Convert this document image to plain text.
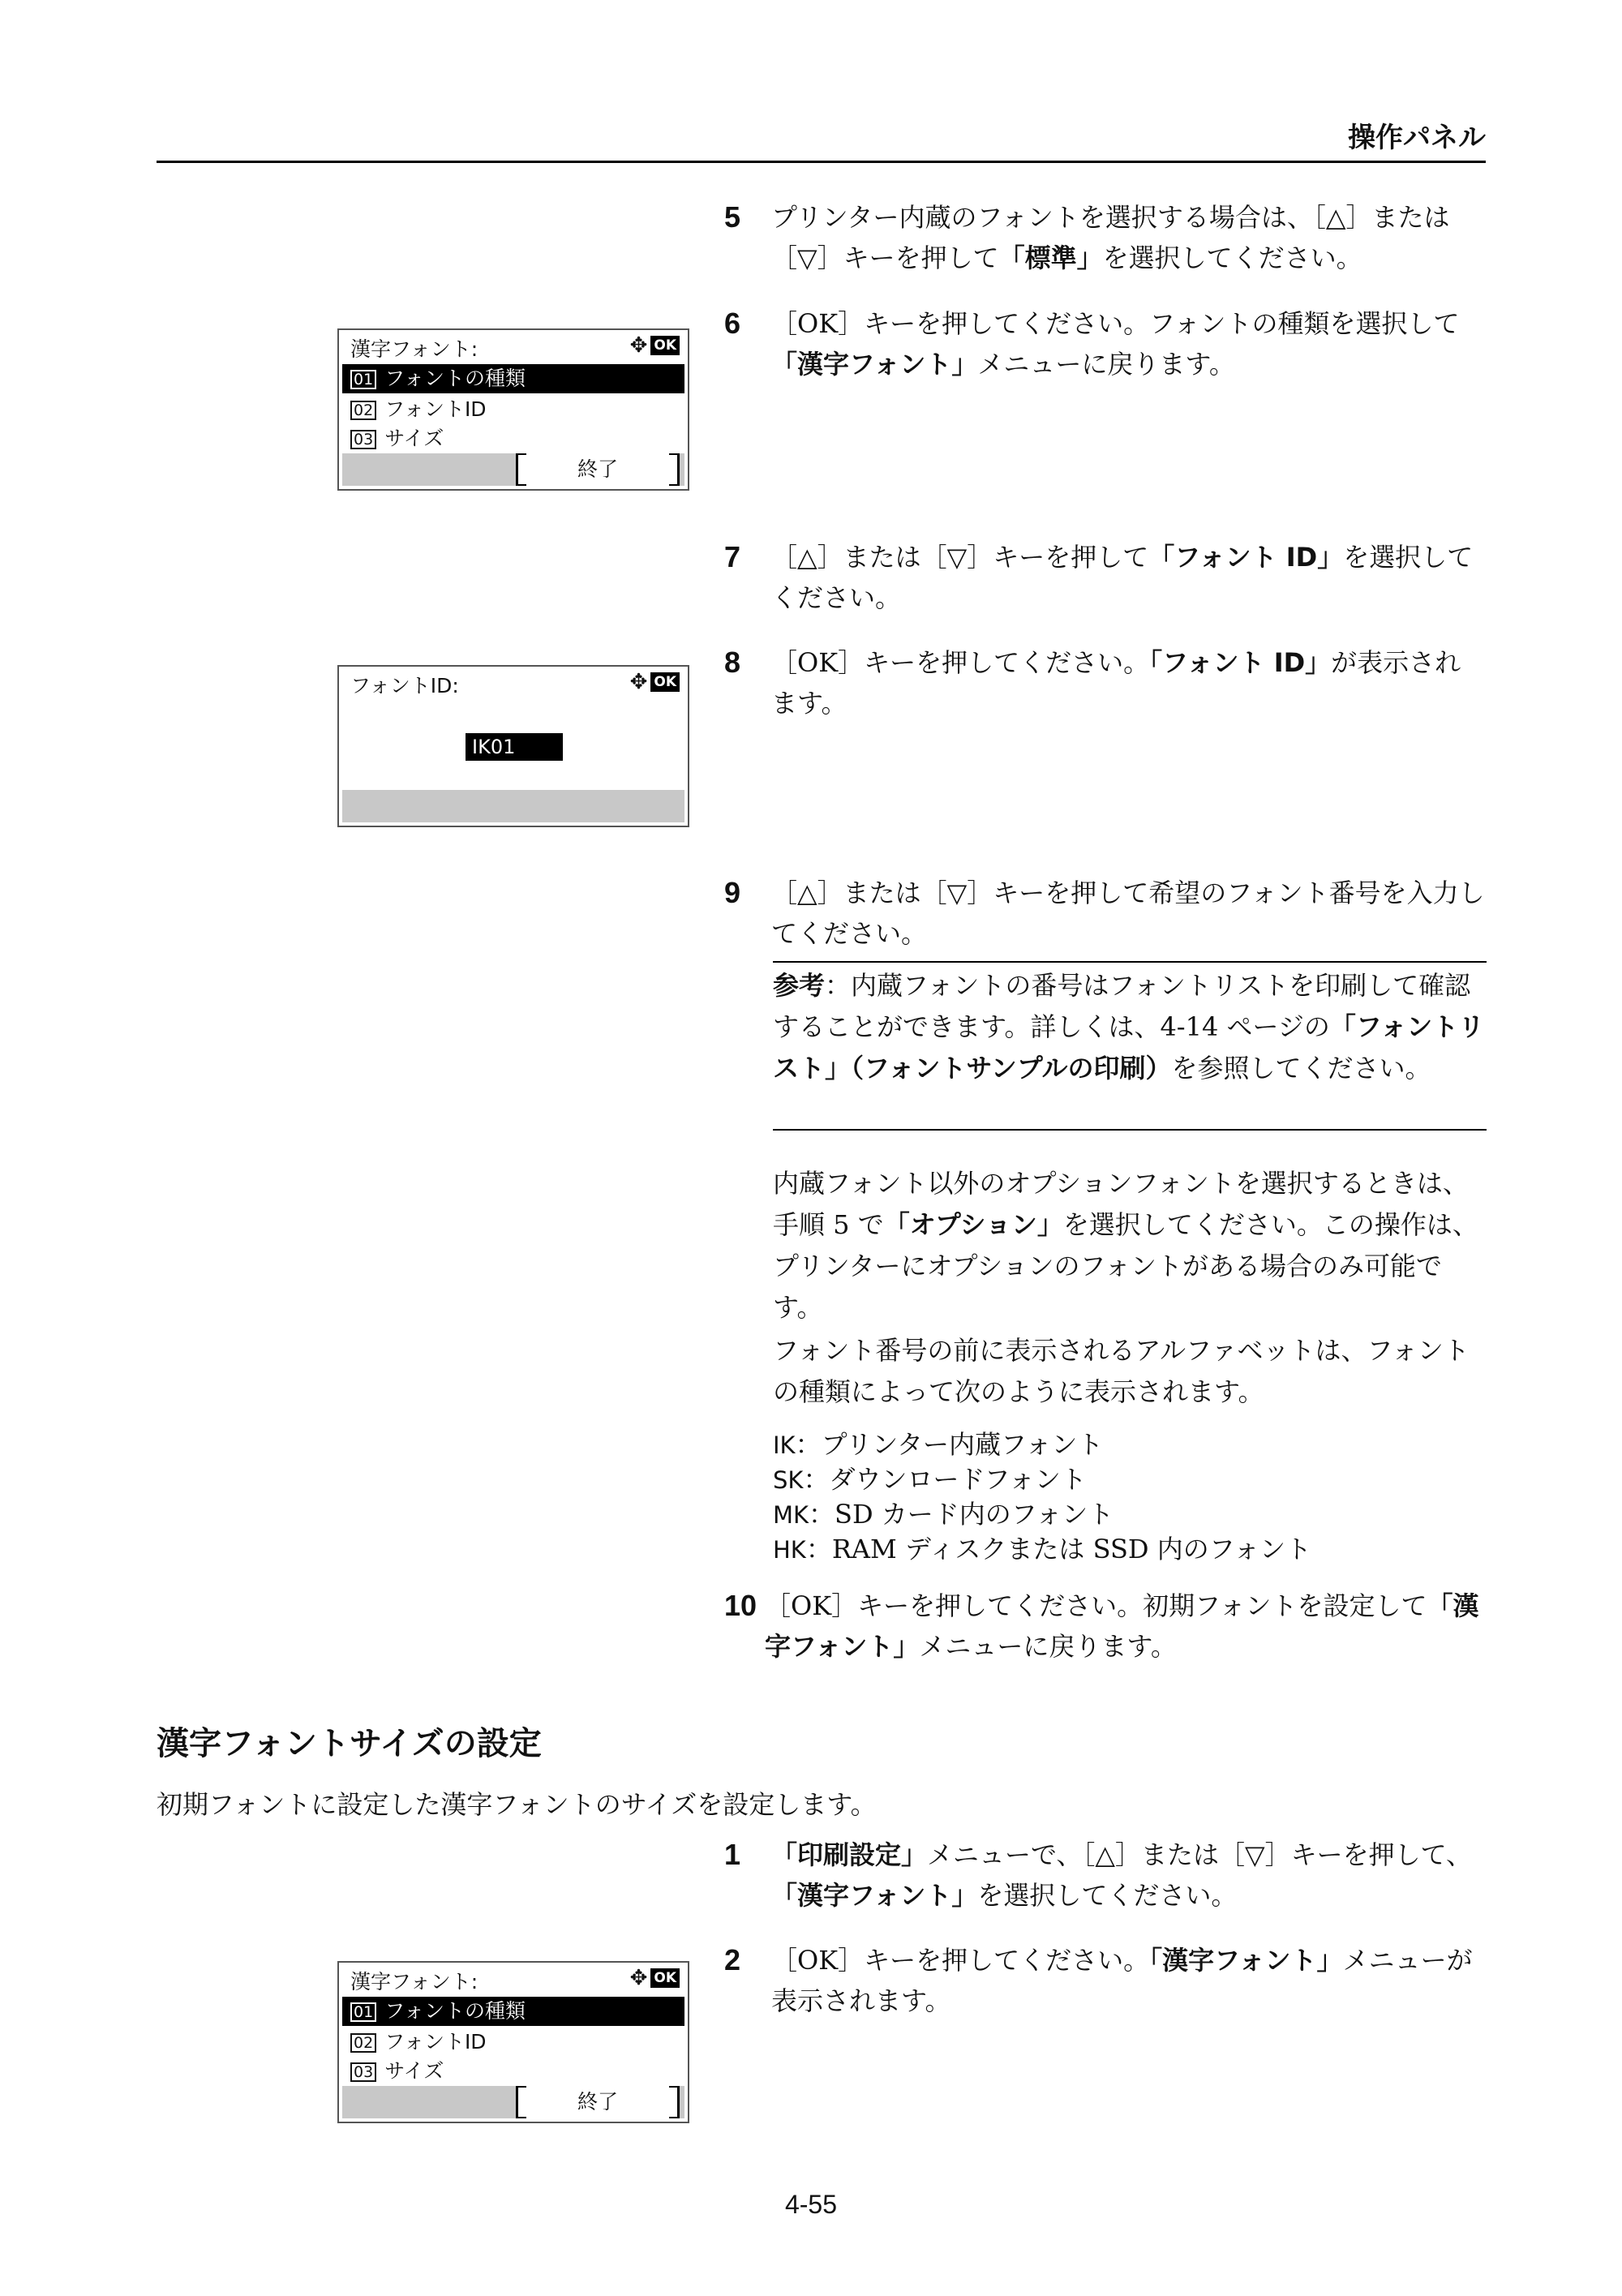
操作パネル
5 プリンター内蔵のフォントを選択する場合は、［△］または［▽］キーを押して「標準」を選択してください。
6 ［OK］キーを押してください。フォントの種類を選択して「漢字フォント」メニューに戻ります。
漢字フォント:	✥ OK
01 フォントの種類
02 フォントID
03 サイズ
終了
7 ［△］または［▽］キーを押して「フォント ID」を選択してください。
8 ［OK］キーを押してください。「フォント ID」が表示されます。
フォントID:	✥ OK
IK01
9 ［△］または［▽］キーを押して希望のフォント番号を入力してください。
参考：内蔵フォントの番号はフォントリストを印刷して確認することができます。詳しくは、4-14 ページの「フォントリスト」（フォントサンプルの印刷）を参照してください。
内蔵フォント以外のオプションフォントを選択するときは、手順 5 で「オプション」を選択してください。この操作は、プリンターにオプションのフォントがある場合のみ可能です。
フォント番号の前に表示されるアルファベットは、フォントの種類によって次のように表示されます。
IK：プリンター内蔵フォント
SK：ダウンロードフォント
MK：SD カード内のフォント
HK：RAM ディスクまたは SSD 内のフォント
10 ［OK］キーを押してください。初期フォントを設定して「漢字フォント」メニューに戻ります。
漢字フォントサイズの設定
初期フォントに設定した漢字フォントのサイズを設定します。
1 「印刷設定」メニューで、［△］または［▽］キーを押して、「漢字フォント」を選択してください。
2 ［OK］キーを押してください。「漢字フォント」メニューが表示されます。
漢字フォント:	✥ OK
01 フォントの種類
02 フォントID
03 サイズ
終了
4-55
